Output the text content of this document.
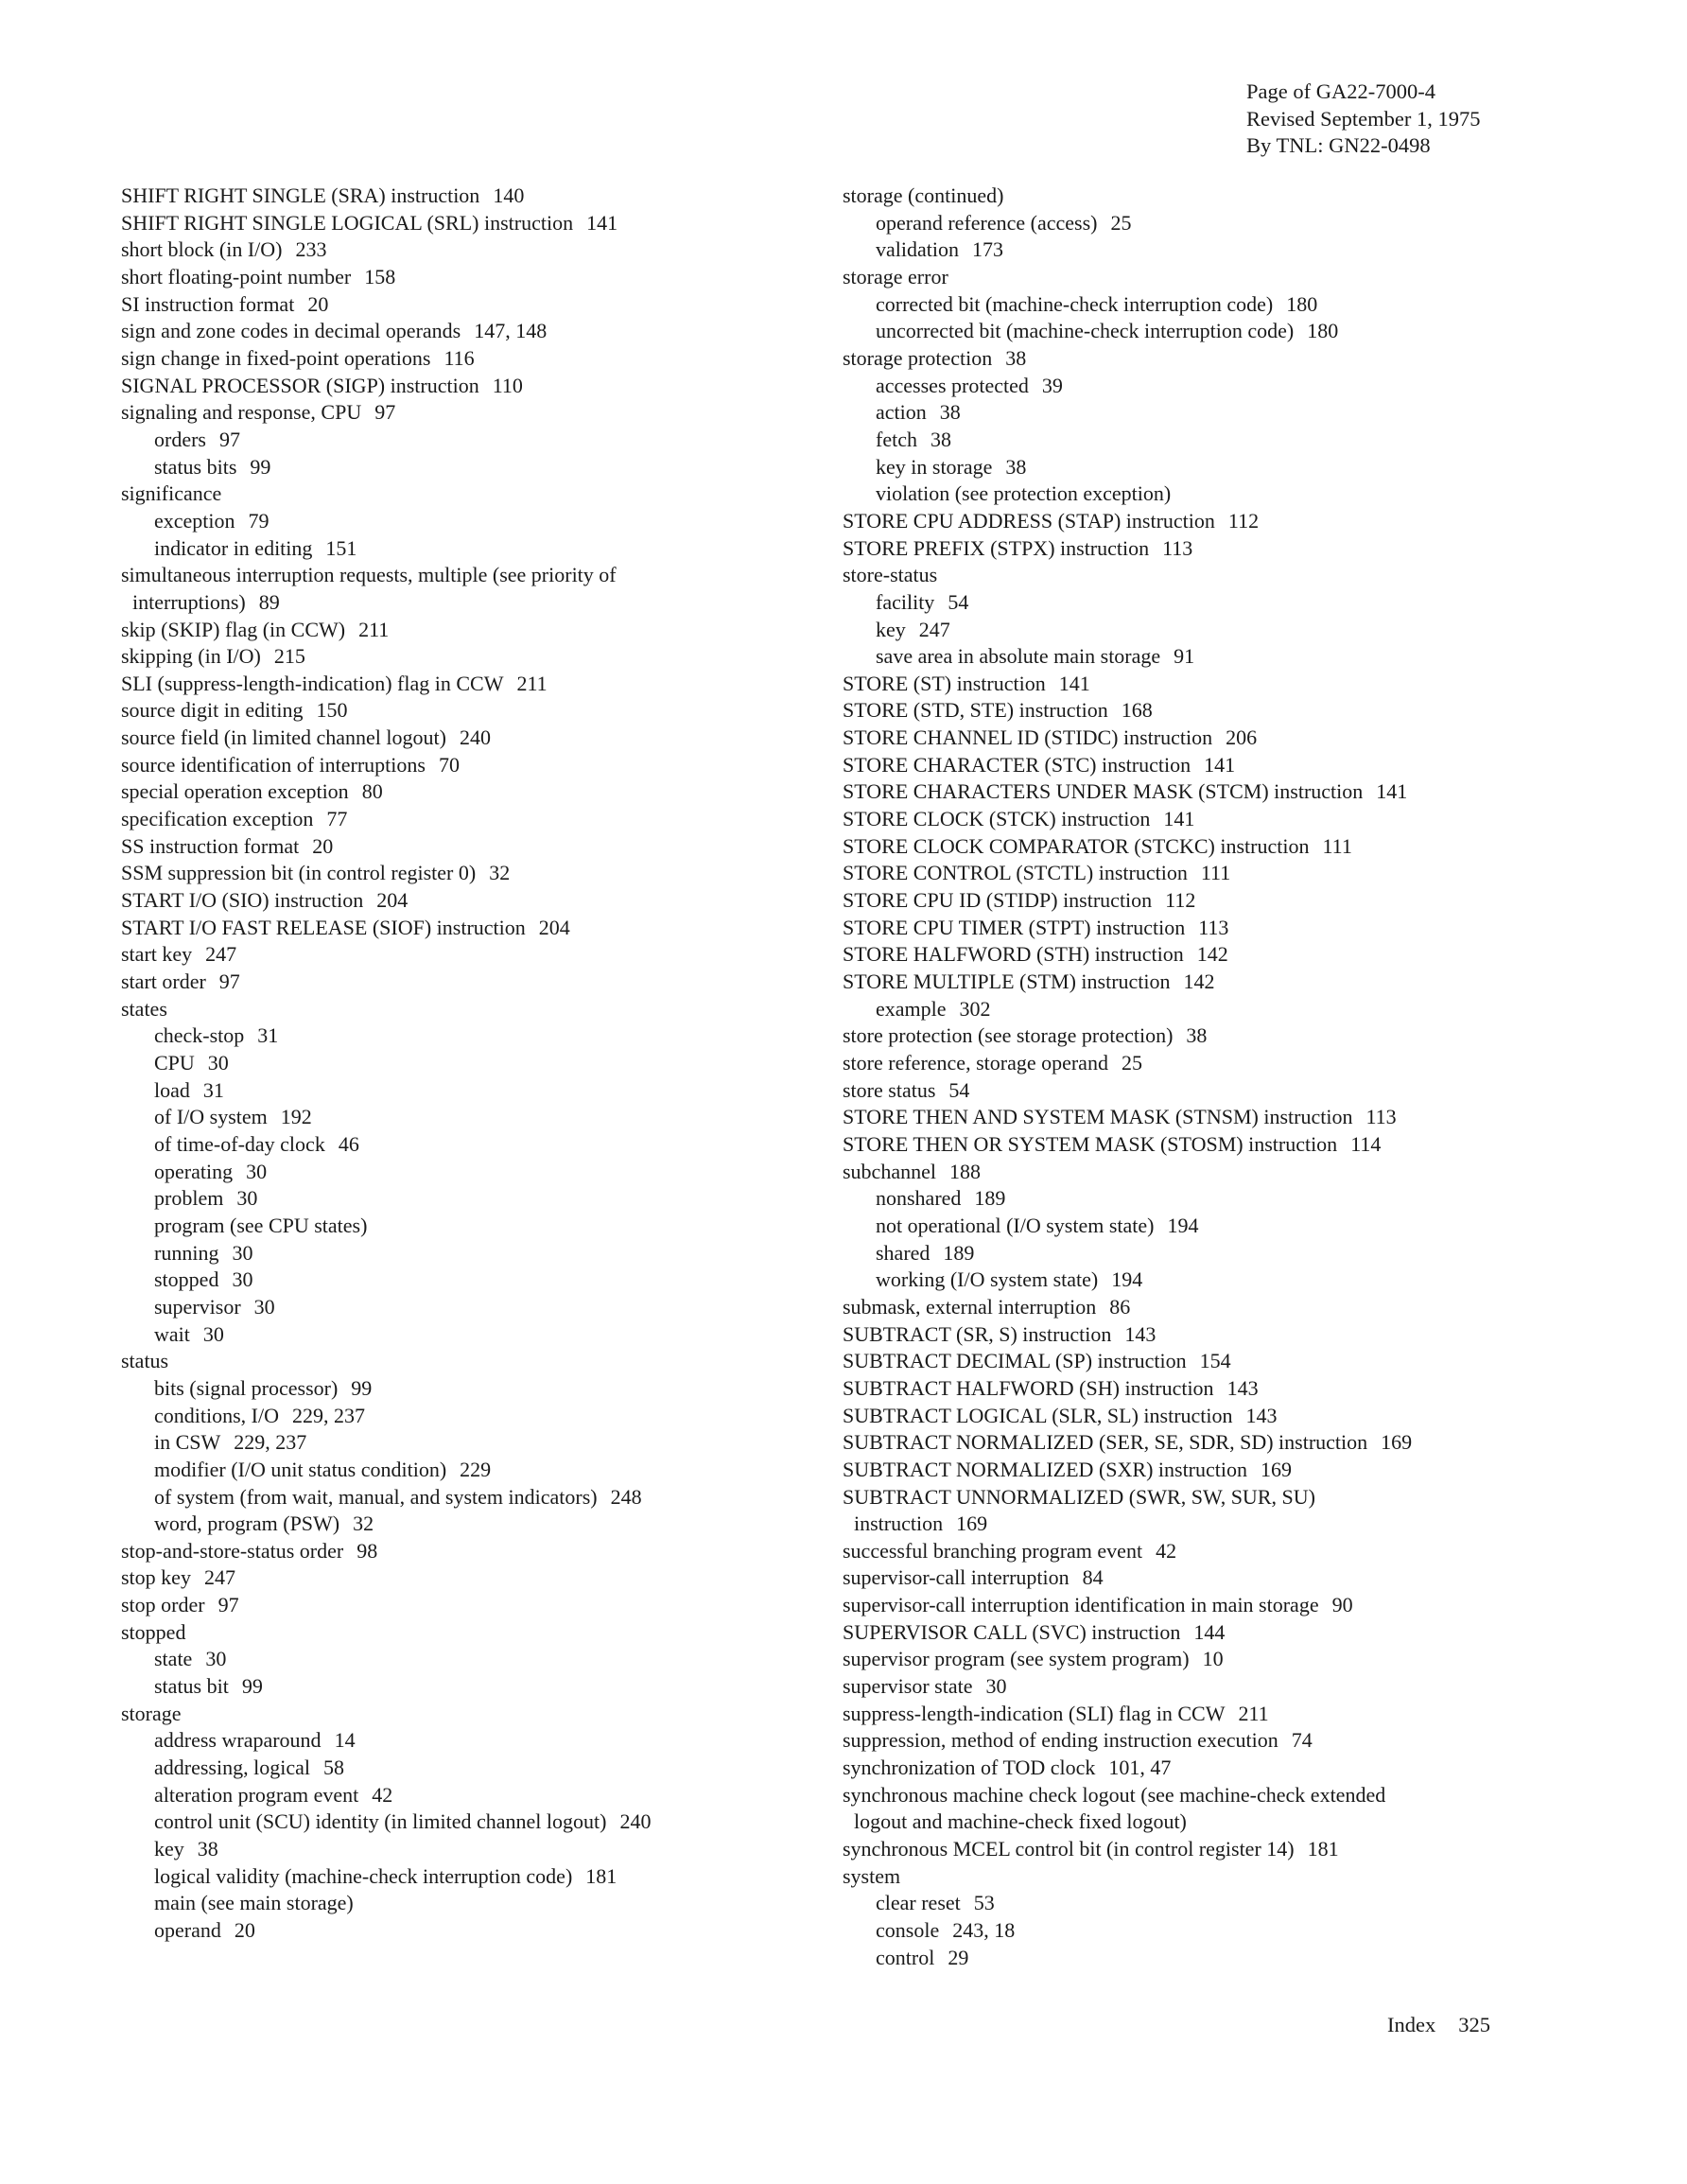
Page of GA22-7000-4
Revised September 1, 1975
By TNL: GN22-0498
SHIFT RIGHT SINGLE (SRA) instruction 140
SHIFT RIGHT SINGLE LOGICAL (SRL) instruction 141
short block (in I/O) 233
short floating-point number 158
SI instruction format 20
sign and zone codes in decimal operands 147, 148
sign change in fixed-point operations 116
SIGNAL PROCESSOR (SIGP) instruction 110
signaling and response, CPU 97
orders 97
status bits 99
significance
exception 79
indicator in editing 151
simultaneous interruption requests, multiple (see priority of
interruptions) 89
skip (SKIP) flag (in CCW) 211
skipping (in I/O) 215
SLI (suppress-length-indication) flag in CCW 211
source digit in editing 150
source field (in limited channel logout) 240
source identification of interruptions 70
special operation exception 80
specification exception 77
SS instruction format 20
SSM suppression bit (in control register 0) 32
START I/O (SIO) instruction 204
START I/O FAST RELEASE (SIOF) instruction 204
start key 247
start order 97
states
check-stop 31
CPU 30
load 31
of I/O system 192
of time-of-day clock 46
operating 30
problem 30
program (see CPU states)
running 30
stopped 30
supervisor 30
wait 30
status
bits (signal processor) 99
conditions, I/O 229, 237
in CSW 229, 237
modifier (I/O unit status condition) 229
of system (from wait, manual, and system indicators) 248
word, program (PSW) 32
stop-and-store-status order 98
stop key 247
stop order 97
stopped
state 30
status bit 99
storage
address wraparound 14
addressing, logical 58
alteration program event 42
control unit (SCU) identity (in limited channel logout) 240
key 38
logical validity (machine-check interruption code) 181
main (see main storage)
operand 20
storage (continued)
operand reference (access) 25
validation 173
storage error
corrected bit (machine-check interruption code) 180
uncorrected bit (machine-check interruption code) 180
storage protection 38
accesses protected 39
action 38
fetch 38
key in storage 38
violation (see protection exception)
STORE CPU ADDRESS (STAP) instruction 112
STORE PREFIX (STPX) instruction 113
store-status
facility 54
key 247
save area in absolute main storage 91
STORE (ST) instruction 141
STORE (STD, STE) instruction 168
STORE CHANNEL ID (STIDC) instruction 206
STORE CHARACTER (STC) instruction 141
STORE CHARACTERS UNDER MASK (STCM) instruction 141
STORE CLOCK (STCK) instruction 141
STORE CLOCK COMPARATOR (STCKC) instruction 111
STORE CONTROL (STCTL) instruction 111
STORE CPU ID (STIDP) instruction 112
STORE CPU TIMER (STPT) instruction 113
STORE HALFWORD (STH) instruction 142
STORE MULTIPLE (STM) instruction 142
example 302
store protection (see storage protection) 38
store reference, storage operand 25
store status 54
STORE THEN AND SYSTEM MASK (STNSM) instruction 113
STORE THEN OR SYSTEM MASK (STOSM) instruction 114
subchannel 188
nonshared 189
not operational (I/O system state) 194
shared 189
working (I/O system state) 194
submask, external interruption 86
SUBTRACT (SR, S) instruction 143
SUBTRACT DECIMAL (SP) instruction 154
SUBTRACT HALFWORD (SH) instruction 143
SUBTRACT LOGICAL (SLR, SL) instruction 143
SUBTRACT NORMALIZED (SER, SE, SDR, SD) instruction 169
SUBTRACT NORMALIZED (SXR) instruction 169
SUBTRACT UNNORMALIZED (SWR, SW, SUR, SU)
instruction 169
successful branching program event 42
supervisor-call interruption 84
supervisor-call interruption identification in main storage 90
SUPERVISOR CALL (SVC) instruction 144
supervisor program (see system program) 10
supervisor state 30
suppress-length-indication (SLI) flag in CCW 211
suppression, method of ending instruction execution 74
synchronization of TOD clock 101, 47
synchronous machine check logout (see machine-check extended
logout and machine-check fixed logout)
synchronous MCEL control bit (in control register 14) 181
system
clear reset 53
console 243, 18
control 29
Index 325
